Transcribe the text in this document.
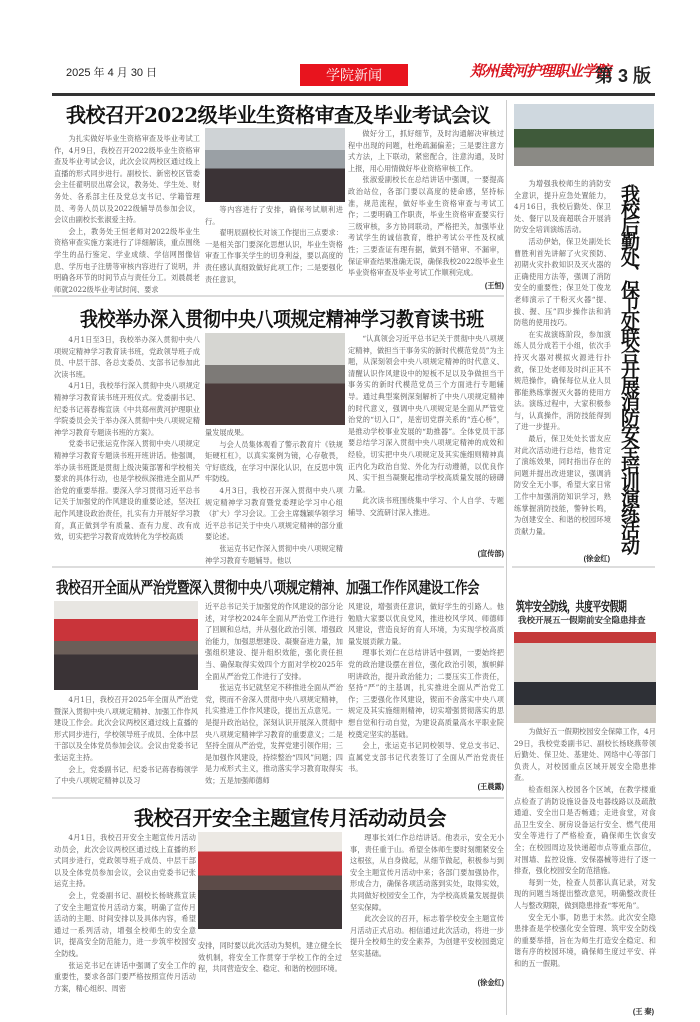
2025 年 4 月 30 日	学院新闻	郑州黄河护理职业学院
第 3 版
我校召开2022级毕业生资格审查及毕业考试会议

为扎实做好毕业生资格审查及毕业考试工作，4月9日，我校召开2022级毕业生资格审查及毕业考试会议，此次会议两校区通过线上直播的形式同步进行。副校长、新密校区管委会主任翟明辰出席会议，教务处、学生处、财务处、各系部主任及党总支书记、学籍管理员、考务人员以及2022级辅导员参加会议，会议由副校长张淑爱主持。

会上，教务处王恒老师对2022级毕业生资格审查实施方案进行了详细解读，重点围绕学生的品行鉴定、学业成绩、学信网图像信息、学历电子注册等审核内容进行了说明，并明确各环节的时间节点与责任分工。刘晨晨老师就2022级毕业考试时间、要求

等内容进行了安排，确保考试顺利进行。

翟明辰副校长对该工作提出三点要求：一是相关部门要深化思想认识，毕业生资格审查工作事关学生的切身利益，要以高度的责任感认真细致做好此项工作；二是要强化责任意识，

做好分工，抓好细节，及时沟通解决审核过程中出现的问题，杜绝疏漏偏差；三是要注意方式方法，上下联动，紧密配合，注意沟通，及时上报，用心用情做好毕业资格审核工作。

张淑爱副校长在总结讲话中强调，一要提高政治站位，各部门要以高度的使命感，坚持标准，规范流程，做好毕业生资格审查与考试工作；二要明确工作职责，毕业生资格审查要实行三级审核，多方协同联动，严格把关，加强毕业考试学生的诚信教育，维护考试公平性及权威性；三要查证有理有据，做到不错审、不漏审，保证审查结果准确无误，确保我校2022级毕业生毕业资格审查及毕业考试工作顺利完成。

(王恒)
我校举办深入贯彻中央八项规定精神学习教育读书班

4月1日至3日，我校举办深入贯彻中央八项规定精神学习教育读书班，党政领导班子成员、中层干部、各总支委员、支部书记参加此次读书班。

4月1日，我校举行深入贯彻中央八项规定精神学习教育读书班开班仪式。党委副书记、纪委书记蒋春梅宣读《中共郑州黄河护理职业学院委员会关于举办深入贯彻中央八项规定精神学习教育专题读书班的方案》。

党委书记张运克作深入贯彻中央八项规定精神学习教育专题读书班开班讲话。他强调，举办读书班既是贯彻上级决策部署和学校相关要求的具体行动，也是学校纵深推进全面从严治党的重要举措。要深入学习贯彻习近平总书记关于加强党的作风建设的重要论述，坚决扛起作风建设政治责任，扎实有力开展好学习教育，真正做到学有质量、查有力度、改有成效，切实把学习教育成效转化为学校高质

量发展成果。

与会人员集体观看了警示教育片《铁规矩硬杠杠》，以真实案例为镜，心存敬畏，守好底线，在学习中深化认识，在反思中筑牢防线。

4月3日，我校召开深入贯彻中央八项规定精神学习教育暨党委理论学习中心组（扩大）学习会议。工会主席魏颖华领学习近平总书记关于中央八项规定精神的部分重要论述。

张运克书记作深入贯彻中央八项规定精神学习教育专题辅导。他以

“认真领会习近平总书记关于贯彻中央八项规定精神，做担当干事务实的新时代模范党员”为主题，从深刻领会中央八项规定精神的时代意义、清醒认识作风建设中的短板不足以及争做担当干事务实的新时代模范党员三个方面进行专题辅导。通过典型案例深刻解析了中央八项规定精神的时代意义，强调中央八项规定是全面从严管党治党的“切入口”，是密切党群关系的“连心桥”，是推动学校事业发展的“助推器”。全体党员干部要总结学习深入贯彻中央八项规定精神的成效和经验，切实把中央八项规定及其实施细则精神真正内化为政治自觉、外化为行动遵循，以优良作风、实干担当凝聚起推动学校高质量发展的磅礴力量。

此次读书班围绕集中学习、个人自学、专题辅导、交流研讨深入推进。

(宣传部)
我校召开全面从严治党暨深入贯彻中央八项规定精神、加强工作作风建设工作会

4月1日，我校召开2025年全面从严治党暨深入贯彻中央八项规定精神、加强工作作风建设工作会。此次会议两校区通过线上直播的形式同步进行，学校领导班子成员、全体中层干部以及全体党员参加会议。会议由党委书记张运克主持。

会上，党委副书记、纪委书记蒋春梅领学了中央八项规定精神以及习

近平总书记关于加强党的作风建设的部分论述，对学校2024年全面从严治党工作进行了回顾和总结，并从强化政治引领、增强政治能力，加强思想建设、凝聚奋进力量，加强组织建设、提升组织效能，强化责任担当、确保取得实效四个方面对学校2025年全面从严治党工作进行了安排。

张运克书记就坚定不移推进全面从严治党，锲而不舍深入贯彻中央八项规定精神，扎实推进工作作风建设，提出五点意见。一是提升政治站位，深刻认识开展深入贯彻中央八项规定精神学习教育的重要意义；二是坚持全面从严治党，发挥党建引领作用；三是加强作风建设，持续整治“四风”问题；四是力戒形式主义，推动落实学习教育取得实效；五是加强师德师

风建设，增强责任意识，做好学生的引路人。他勉励大家要以优良党风，推进校风学风、师德师风建设，营造良好的育人环境，为实现学校高质量发展贡献力量。

理事长刘仁在总结讲话中强调，一要始终把党的政治建设摆在首位，强化政治引领，旗帜鲜明讲政治，提升政治能力；二要压实工作责任，坚持“严”的主基调，扎实推进全面从严治党工作；三要强化作风建设，锲而不舍落实中央八项规定及其实施细则精神，切实增强贯彻落实的思想自觉和行动自觉，为建设高质量高水平职业院校奠定坚实的基础。

会上，张运克书记同校领导、党总支书记、直属党支部书记代表签订了全面从严治党责任书。

(王晨露)
我校召开安全主题宣传月活动动员会

4月1日，我校召开安全主题宣传月活动动员会，此次会议两校区通过线上直播的形式同步进行，党政领导班子成员、中层干部以及全体党员参加会议，会议由党委书记张运克主持。

会上，党委副书记、副校长杨晓燕宣读了安全主题宣传月活动方案，明确了宣传月活动的主题、时间安排以及具体内容，希望通过一系列活动，增强全校师生的安全意识，提高安全防范能力，进一步筑牢校园安全防线。

张运克书记在讲话中强调了安全工作的重要性，要求各部门要严格按照宣传月活动方案，精心组织、周密

安排，同时要以此次活动为契机，建立健全长效机制，将安全工作贯穿于学校工作的全过程，共同营造安全、稳定、和谐的校园环境。

理事长刘仁作总结讲话。他表示，安全无小事，责任重于山。希望全体师生要时刻绷紧安全这根弦，从自身做起，从细节做起，积极参与到安全主题宣传月活动中来；各部门要加强协作，形成合力，确保各项活动落到实处，取得实效，共同做好校园安全工作，为学校高质量发展提供坚实保障。

此次会议的召开，标志着学校安全主题宣传月活动正式启动。相信通过此次活动，将进一步提升全校师生的安全素养，为创建平安校园奠定坚实基础。

(徐金红)

为增强我校师生的消防安全意识，提升应急处置能力，4月16日，我校后勤处、保卫处、餐厅以及商超联合开展消防安全培训演练活动。

活动伊始，保卫处副处长曹胜利首先讲解了火灾预防、初期火灾扑救知识及灭火器的正确使用方法等，强调了消防安全的重要性；保卫处丁俊龙老师演示了干粉灭火器“提、拔、握、压”四步操作法和消防毯的使用技巧。

在实战演练阶段，参加演练人员分成若干小组，依次手持灭火器对模拟火源进行扑救，保卫处老师及时纠正其不规范操作，确保每位从业人员都能熟练掌握灭火器的使用方法。演练过程中，大家积极参与，认真操作，消防技能得到了进一步提升。

最后，保卫处处长雷友应对此次活动进行总结，他肯定了演练效果，同时指出存在的问题并提出改进建议，强调消防安全无小事，希望大家日常工作中加强消防知识学习，熟练掌握消防技能，警钟长鸣，为创建安全、和谐的校园环境贡献力量。	我校后勤处、保卫处联合开展消防安全培训演练活动
(徐金红)
筑牢安全防线，共度平安假期
我校开展五一假期前安全隐患排查

为做好五一假期校园安全保障工作，4月29日，我校党委副书记、副校长杨晓燕带领后勤处、保卫处、基建处、网络中心等部门负责人，对校园重点区域开展安全隐患排查。

检查组深入校园各个区域，在教学楼重点检查了消防设施设备及电器线路以及疏散通道、安全出口是否畅通；走进食堂，对食品卫生安全、厨房设备运行安全、燃气使用安全等进行了严格检查，确保师生饮食安全；在校园周边及快递超市点等重点部位，对围墙、监控设施、安保器械等进行了逐一排查，强化校园安全防范措施。

每到一处，检查人员都认真记录，对发现的问题当场提出整改意见，明确整改责任人与整改期限，做到隐患排查“零死角”。

安全无小事，防患于未然。此次安全隐患排查是学校强化安全管理、筑牢安全防线的重要举措，旨在为师生打造安全稳定、和谐有序的校园环境，确保师生度过平安、祥和的五一假期。

(王 秦)
